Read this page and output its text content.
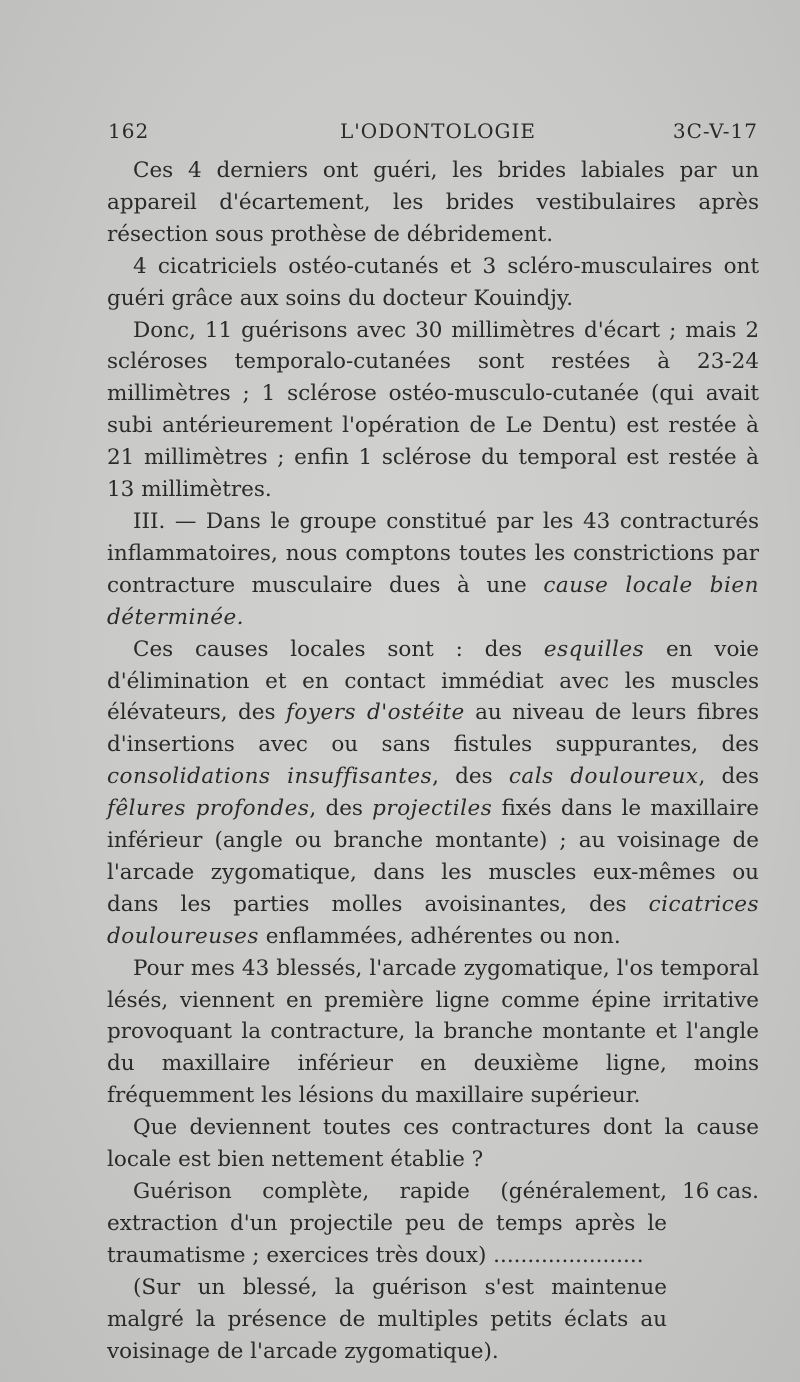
162	L'ODONTOLOGIE	3C-V-17

Ces 4 derniers ont guéri, les brides labiales par un appareil d'écartement, les brides vestibulaires après résection sous prothèse de débridement.

4 cicatriciels ostéo-cutanés et 3 scléro-musculaires ont guéri grâce aux soins du docteur Kouindjy.

Donc, 11 guérisons avec 30 millimètres d'écart ; mais 2 scléroses temporalo-cutanées sont restées à 23-24 millimètres ; 1 sclérose ostéo-musculo-cutanée (qui avait subi antérieurement l'opération de Le Dentu) est restée à 21 millimètres ; enfin 1 sclérose du temporal est restée à 13 millimètres.

III. — Dans le groupe constitué par les 43 contracturés inflammatoires, nous comptons toutes les constrictions par contracture musculaire dues à une cause locale bien déterminée.

Ces causes locales sont : des esquilles en voie d'élimination et en contact immédiat avec les muscles élévateurs, des foyers d'ostéite au niveau de leurs fibres d'insertions avec ou sans fistules suppurantes, des consolidations insuffisantes, des cals douloureux, des fêlures profondes, des projectiles fixés dans le maxillaire inférieur (angle ou branche montante) ; au voisinage de l'arcade zygomatique, dans les muscles eux-mêmes ou dans les parties molles avoisinantes, des cicatrices douloureuses enflammées, adhérentes ou non.

Pour mes 43 blessés, l'arcade zygomatique, l'os temporal lésés, viennent en première ligne comme épine irritative provoquant la contracture, la branche montante et l'angle du maxillaire inférieur en deuxième ligne, moins fréquemment les lésions du maxillaire supérieur.

Que deviennent toutes ces contractures dont la cause locale est bien nettement établie ?

Guérison complète, rapide (généralement, extraction d'un projectile peu de temps après le traumatisme ; exercices très doux) ......................

16 cas.

(Sur un blessé, la guérison s'est maintenue malgré la présence de multiples petits éclats au voisinage de l'arcade zygomatique).
